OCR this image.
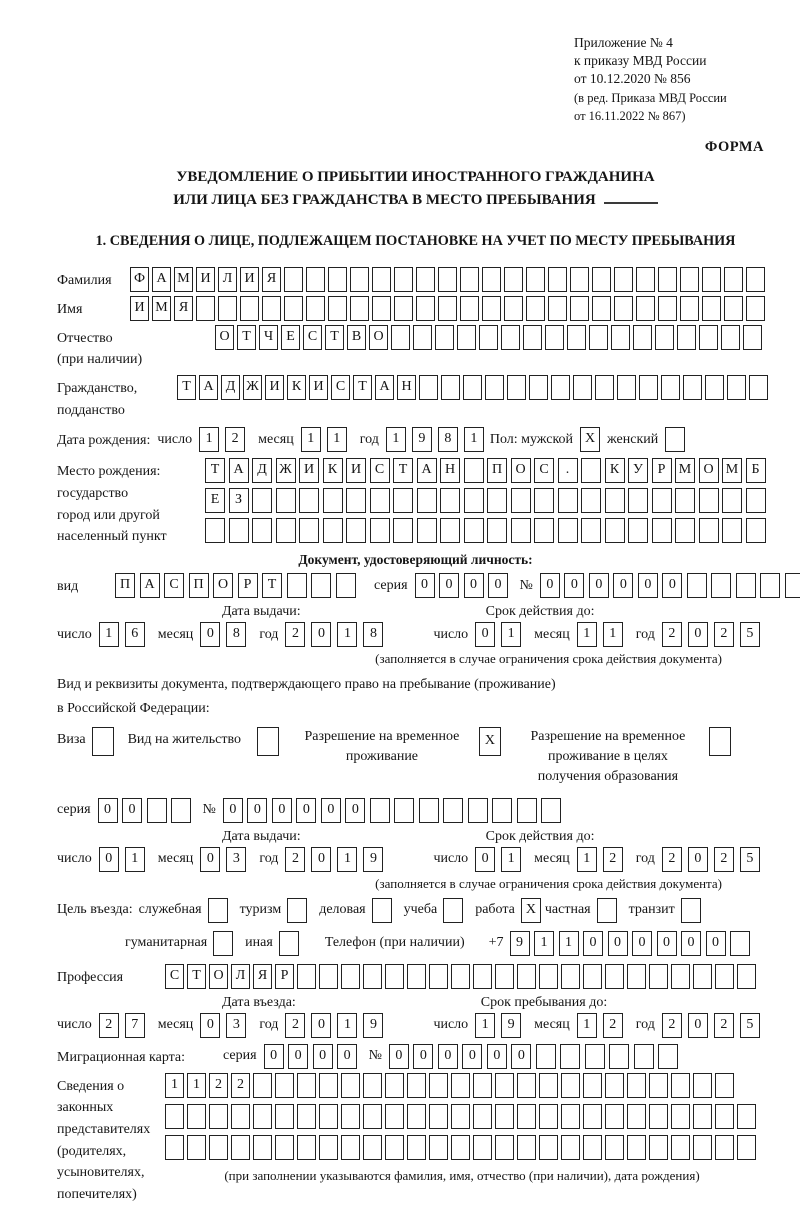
Приложение № 4
к приказу МВД России
от 10.12.2020 № 856
(в ред. Приказа МВД России
от 16.11.2022 № 867)
ФОРМА
УВЕДОМЛЕНИЕ О ПРИБЫТИИ ИНОСТРАННОГО ГРАЖДАНИНА
ИЛИ ЛИЦА БЕЗ ГРАЖДАНСТВА В МЕСТО ПРЕБЫВАНИЯ
1. СВЕДЕНИЯ О ЛИЦЕ, ПОДЛЕЖАЩЕМ ПОСТАНОВКЕ НА УЧЕТ ПО МЕСТУ ПРЕБЫВАНИЯ
Фамилия	Ф А М И Л И Я
Имя	И М Я
Отчество
(при наличии)
О Т Ч Е С Т В О
Гражданство,
подданство
Т А Д Ж И К И С Т А Н
Дата рождения: число 1	2	месяц 1	1	год 1	9	8	1 Пол: мужской X женский
Место рождения:
государство
город или другой
населенный пункт
Т	А Д Ж И К И С	Т	А Н	П О С	.	К У	Р М О М Б
Е	З
Документ, удостоверяющий личность:
вид	П	А	С	П	О	Р	Т	серия 0	0	0	0	№ 0	0	0	0	0	0
Дата выдачи:	Срок действия до:
число 1	6	месяц 0	8	год 2	0	1	8	число 0	1	месяц 1	1	год 2	0	2	5
(заполняется в случае ограничения срока действия документа)
Вид и реквизиты документа, подтверждающего право на пребывание (проживание)
в Российской Федерации:
Виза	Вид на жительство	Разрешение на временное проживание
X	Разрешение на временное проживание в целях получения образования
серия 0	0	№ 0	0	0	0	0	0
Дата выдачи:	Срок действия до:
число 0	1	месяц 0	3	год 2	0	1	9	число 0	1	месяц 1	2	год 2	0	2	5
(заполняется в случае ограничения срока действия документа)
Цель въезда: служебная	туризм	деловая	учеба	работа X частная	транзит
гуманитарная	иная	Телефон (при наличии) +7 9	1	1	0	0	0	0	0	0
Профессия	С Т О Л Я Р
Дата въезда:	Срок пребывания до:
число 2	7	месяц 0	3	год 2	0	1	9	число 1	9	месяц 1	2	год 2	0	2	5
Миграционная карта:	серия 0	0	0	0	№ 0	0	0	0	0	0
Сведения о
законных
представителях
(родителях,
усыновителях,
попечителях)
1	1	2	2
(при заполнении указываются фамилия, имя, отчество (при наличии), дата рождения)
